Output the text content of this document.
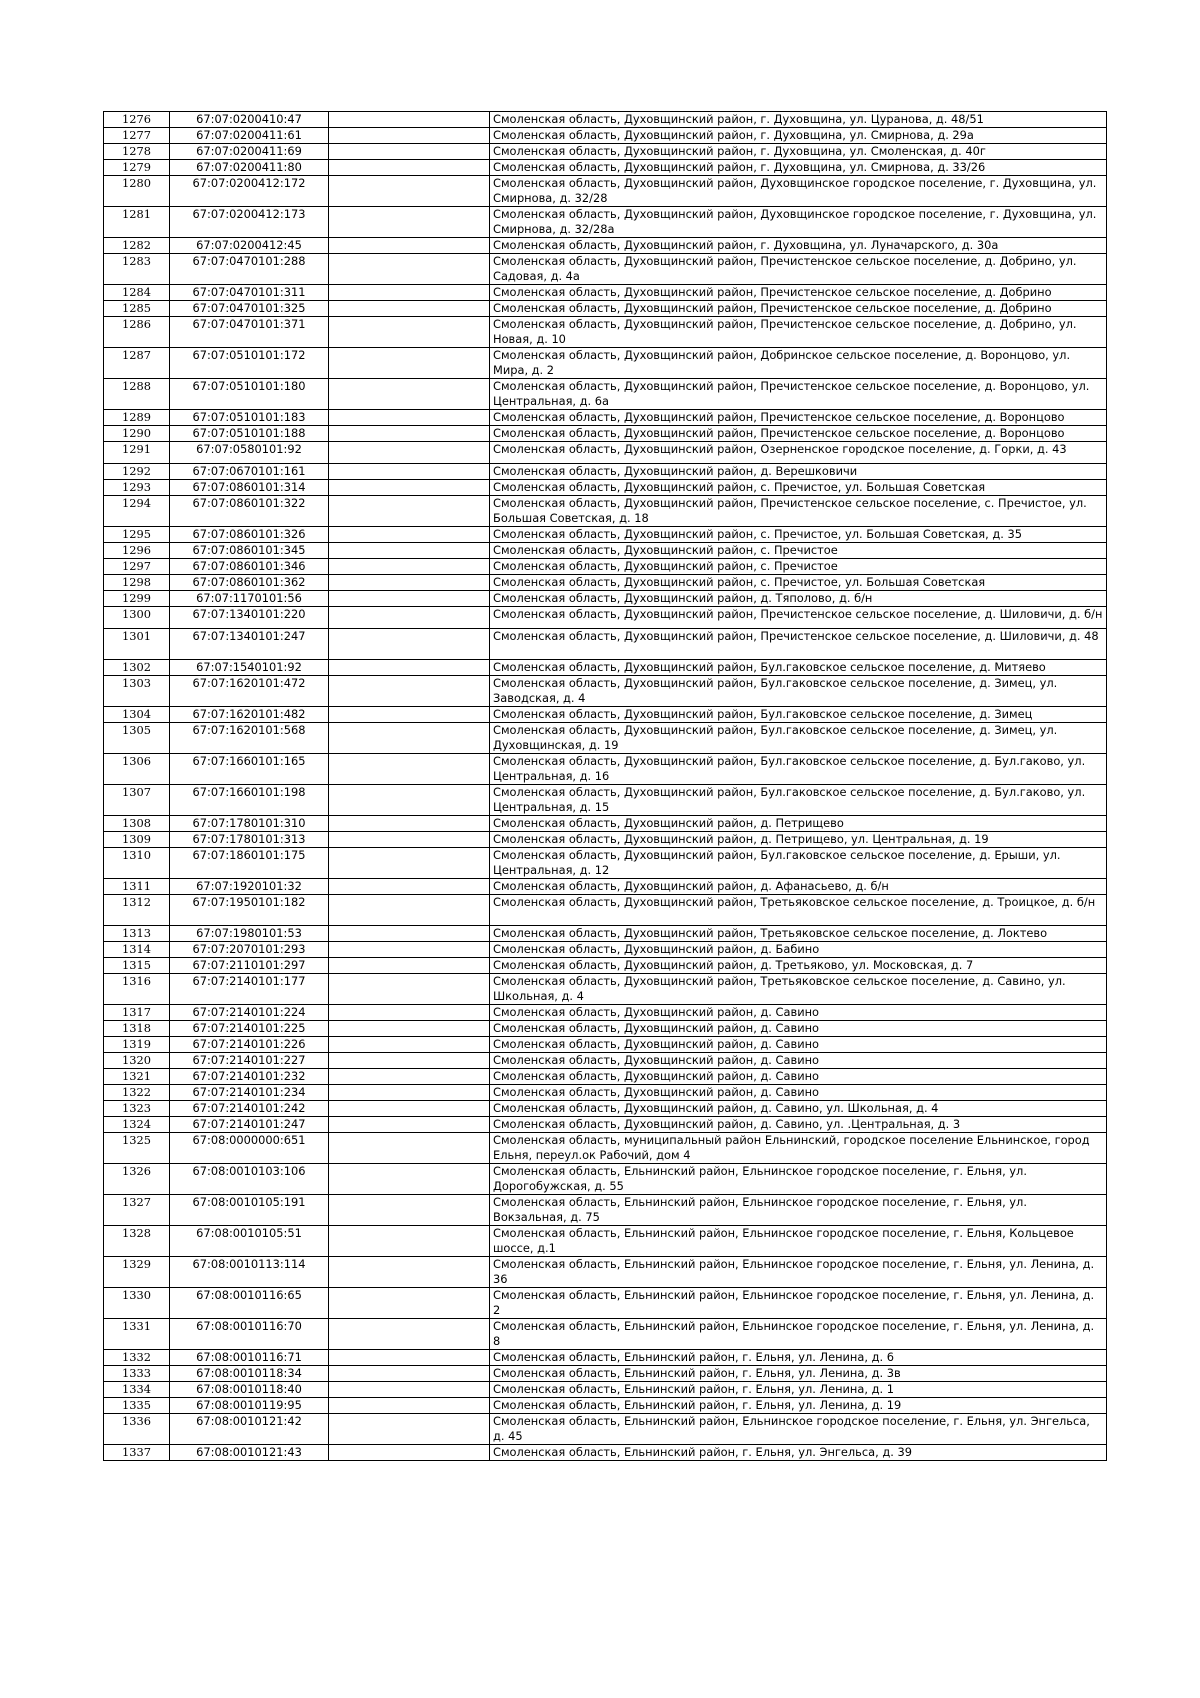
1276	67:07:0200410:47		Смоленская область, Духовщинский район, г. Духовщина, ул. Цуранова, д. 48/51
1277	67:07:0200411:61		Смоленская область, Духовщинский район, г. Духовщина, ул. Смирнова, д. 29а
1278	67:07:0200411:69		Смоленская область, Духовщинский район, г. Духовщина, ул. Смоленская, д. 40г
1279	67:07:0200411:80		Смоленская область, Духовщинский район, г. Духовщина, ул. Смирнова, д. 33/26
1280	67:07:0200412:172		Смоленская область, Духовщинский район, Духовщинское городское поселение, г. Духовщина, ул. Смирнова, д. 32/28
1281	67:07:0200412:173		Смоленская область, Духовщинский район, Духовщинское городское поселение, г. Духовщина, ул. Смирнова, д. 32/28а
1282	67:07:0200412:45		Смоленская область, Духовщинский район, г. Духовщина, ул. Луначарского, д. 30а
1283	67:07:0470101:288		Смоленская область, Духовщинский район, Пречистенское сельское поселение, д. Добрино, ул. Садовая, д. 4а
1284	67:07:0470101:311		Смоленская область, Духовщинский район, Пречистенское сельское поселение, д. Добрино
1285	67:07:0470101:325		Смоленская область, Духовщинский район, Пречистенское сельское поселение, д. Добрино
1286	67:07:0470101:371		Смоленская область, Духовщинский район, Пречистенское сельское поселение, д. Добрино, ул. Новая, д. 10
1287	67:07:0510101:172		Смоленская область, Духовщинский район, Добринское сельское поселение, д. Воронцово, ул. Мира, д. 2
1288	67:07:0510101:180		Смоленская область, Духовщинский район, Пречистенское сельское поселение, д. Воронцово, ул. Центральная, д. 6а
1289	67:07:0510101:183		Смоленская область, Духовщинский район, Пречистенское сельское поселение, д. Воронцово
1290	67:07:0510101:188		Смоленская область, Духовщинский район, Пречистенское сельское поселение, д. Воронцово
1291	67:07:0580101:92		Смоленская область, Духовщинский район, Озерненское городское поселение, д. Горки, д. 43
1292	67:07:0670101:161		Смоленская область, Духовщинский район, д. Верешковичи
1293	67:07:0860101:314		Смоленская область, Духовщинский район, с. Пречистое, ул. Большая Советская
1294	67:07:0860101:322		Смоленская область, Духовщинский район, Пречистенское сельское поселение, с. Пречистое, ул. Большая Советская, д. 18
1295	67:07:0860101:326		Смоленская область, Духовщинский район, с. Пречистое, ул. Большая Советская, д. 35
1296	67:07:0860101:345		Смоленская область, Духовщинский район, с. Пречистое
1297	67:07:0860101:346		Смоленская область, Духовщинский район, с. Пречистое
1298	67:07:0860101:362		Смоленская область, Духовщинский район, с. Пречистое, ул. Большая Советская
1299	67:07:1170101:56		Смоленская область, Духовщинский район, д. Тяполово, д. б/н
1300	67:07:1340101:220		Смоленская область, Духовщинский район, Пречистенское сельское поселение, д. Шиловичи, д. б/н
1301	67:07:1340101:247		Смоленская область, Духовщинский район, Пречистенское сельское поселение, д. Шиловичи, д. 48
1302	67:07:1540101:92		Смоленская область, Духовщинский район, Бул.гаковское сельское поселение, д. Митяево
1303	67:07:1620101:472		Смоленская область, Духовщинский район, Бул.гаковское сельское поселение, д. Зимец, ул. Заводская, д. 4
1304	67:07:1620101:482		Смоленская область, Духовщинский район, Бул.гаковское сельское поселение, д. Зимец
1305	67:07:1620101:568		Смоленская область, Духовщинский район, Бул.гаковское сельское поселение, д. Зимец, ул. Духовщинская, д. 19
1306	67:07:1660101:165		Смоленская область, Духовщинский район, Бул.гаковское сельское поселение, д. Бул.гаково, ул. Центральная, д. 16
1307	67:07:1660101:198		Смоленская область, Духовщинский район, Бул.гаковское сельское поселение, д. Бул.гаково, ул. Центральная, д. 15
1308	67:07:1780101:310		Смоленская область, Духовщинский район, д. Петрищево
1309	67:07:1780101:313		Смоленская область, Духовщинский район, д. Петрищево, ул. Центральная, д. 19
1310	67:07:1860101:175		Смоленская область, Духовщинский район, Бул.гаковское сельское поселение, д. Ерыши, ул. Центральная, д. 12
1311	67:07:1920101:32		Смоленская область, Духовщинский район, д. Афанасьево, д. б/н
1312	67:07:1950101:182		Смоленская область, Духовщинский район, Третьяковское сельское поселение, д. Троицкое, д. б/н
1313	67:07:1980101:53		Смоленская область, Духовщинский район, Третьяковское сельское поселение, д. Локтево
1314	67:07:2070101:293		Смоленская область, Духовщинский район, д. Бабино
1315	67:07:2110101:297		Смоленская область, Духовщинский район, д. Третьяково, ул. Московская, д. 7
1316	67:07:2140101:177		Смоленская область, Духовщинский район, Третьяковское сельское поселение, д. Савино, ул. Школьная, д. 4
1317	67:07:2140101:224		Смоленская область, Духовщинский район, д. Савино
1318	67:07:2140101:225		Смоленская область, Духовщинский район, д. Савино
1319	67:07:2140101:226		Смоленская область, Духовщинский район, д. Савино
1320	67:07:2140101:227		Смоленская область, Духовщинский район, д. Савино
1321	67:07:2140101:232		Смоленская область, Духовщинский район, д. Савино
1322	67:07:2140101:234		Смоленская область, Духовщинский район, д. Савино
1323	67:07:2140101:242		Смоленская область, Духовщинский район, д. Савино, ул. Школьная, д. 4
1324	67:07:2140101:247		Смоленская область, Духовщинский район, д. Савино, ул. .Центральная, д. 3
1325	67:08:0000000:651		Смоленская область, муниципальный район Ельнинский, городское поселение Ельнинское, город Ельня, переул.ок Рабочий, дом 4
1326	67:08:0010103:106		Смоленская область, Ельнинский район, Ельнинское городское поселение, г. Ельня, ул. Дорогобужская, д. 55
1327	67:08:0010105:191		Смоленская область, Ельнинский район, Ельнинское городское поселение, г. Ельня, ул. Вокзальная, д. 75
1328	67:08:0010105:51		Смоленская область, Ельнинский район, Ельнинское городское поселение, г. Ельня, Кольцевое шоссе, д.1
1329	67:08:0010113:114		Смоленская область, Ельнинский район, Ельнинское городское поселение, г. Ельня, ул. Ленина, д. 36
1330	67:08:0010116:65		Смоленская область, Ельнинский район, Ельнинское городское поселение, г. Ельня, ул. Ленина, д. 2
1331	67:08:0010116:70		Смоленская область, Ельнинский район, Ельнинское городское поселение, г. Ельня, ул. Ленина, д. 8
1332	67:08:0010116:71		Смоленская область, Ельнинский район, г. Ельня, ул. Ленина, д. 6
1333	67:08:0010118:34		Смоленская область, Ельнинский район, г. Ельня, ул. Ленина, д. 3в
1334	67:08:0010118:40		Смоленская область, Ельнинский район, г. Ельня, ул. Ленина, д. 1
1335	67:08:0010119:95		Смоленская область, Ельнинский район, г. Ельня, ул. Ленина, д. 19
1336	67:08:0010121:42		Смоленская область, Ельнинский район, Ельнинское городское поселение, г. Ельня, ул. Энгельса, д. 45
1337	67:08:0010121:43		Смоленская область, Ельнинский район, г. Ельня, ул. Энгельса, д. 39
